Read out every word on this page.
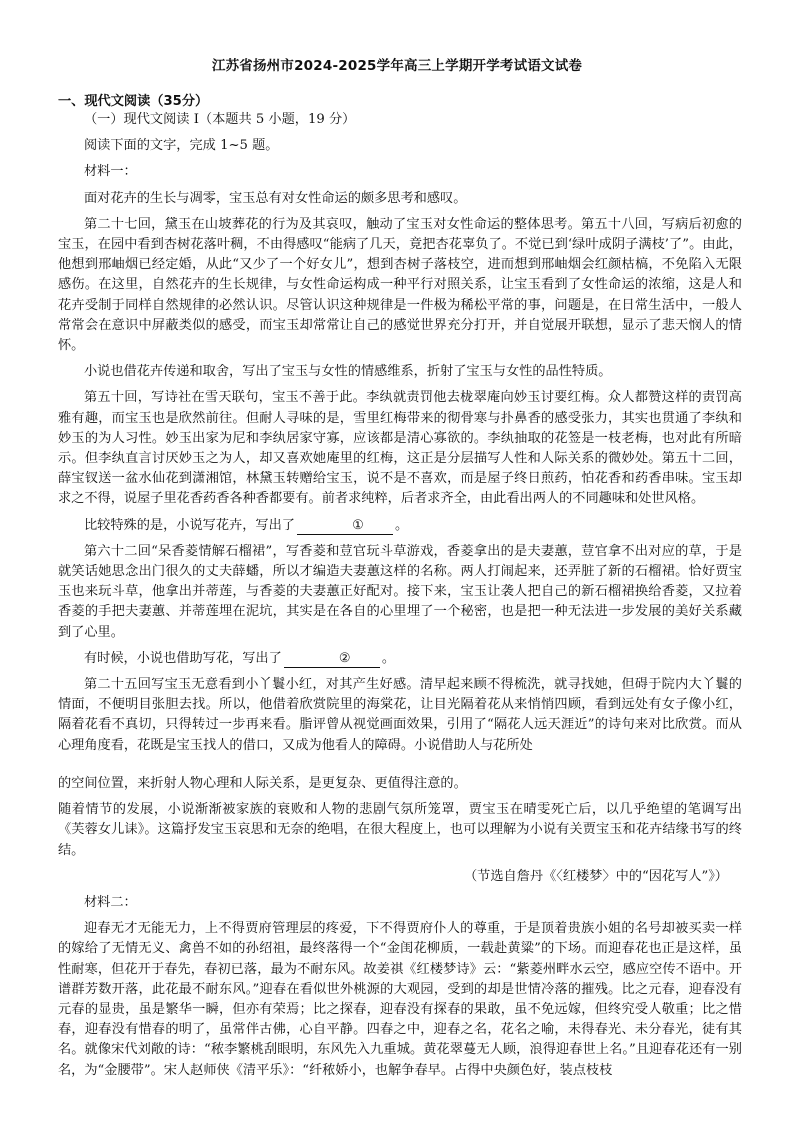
江苏省扬州市2024-2025学年高三上学期开学考试语文试卷
一、现代文阅读（35分）

（一）现代文阅读 I（本题共 5 小题，19 分）

阅读下面的文字，完成 1~5 题。

材料一：

面对花卉的生长与凋零，宝玉总有对女性命运的颇多思考和感叹。

第二十七回，黛玉在山坡葬花的行为及其哀叹，触动了宝玉对女性命运的整体思考。第五十八回，写病后初愈的宝玉，在园中看到杏树花落叶稠，不由得感叹“能病了几天，竟把杏花辜负了。不觉已到‘绿叶成阴子满枝’了”。由此，他想到邢岫烟已经定婚，从此“又少了一个好女儿”，想到杏树子落枝空，进而想到邢岫烟会红颜枯槁，不免陷入无限感伤。在这里，自然花卉的生长规律，与女性命运构成一种平行对照关系，让宝玉看到了女性命运的浓缩，这是人和花卉受制于同样自然规律的必然认识。尽管认识这种规律是一件极为稀松平常的事，问题是，在日常生活中，一般人常常会在意识中屏蔽类似的感受，而宝玉却常常让自己的感觉世界充分打开，并自觉展开联想，显示了悲天悯人的情怀。

小说也借花卉传递和取舍，写出了宝玉与女性的情感维系，折射了宝玉与女性的品性特质。

第五十回，写诗社在雪天联句，宝玉不善于此。李纨就责罚他去栊翠庵向妙玉讨要红梅。众人都赞这样的责罚高雅有趣，而宝玉也是欣然前往。但耐人寻味的是，雪里红梅带来的彻骨寒与扑鼻香的感受张力，其实也贯通了李纨和妙玉的为人习性。妙玉出家为尼和李纨居家守寡，应该都是清心寡欲的。李纨抽取的花签是一枝老梅，也对此有所暗示。但李纨直言讨厌妙玉之为人，却又喜欢她庵里的红梅，这正是分层描写人性和人际关系的微妙处。第五十二回，薛宝钗送一盆水仙花到潇湘馆，林黛玉转赠给宝玉，说不是不喜欢，而是屋子终日煎药，怕花香和药香串味。宝玉却求之不得，说屋子里花香药香各种香都要有。前者求纯粹，后者求齐全，由此看出两人的不同趣味和处世风格。

比较特殊的是，小说写花卉，写出了	① 。

第六十二回“呆香菱情解石榴裙”，写香菱和荳官玩斗草游戏，香菱拿出的是夫妻蕙，荳官拿不出对应的草，于是就笑话她思念出门很久的丈夫薛蟠，所以才编造夫妻蕙这样的名称。两人打闹起来，还弄脏了新的石榴裙。恰好贾宝玉也来玩斗草，他拿出并蒂莲，与香菱的夫妻蕙正好配对。接下来，宝玉让袭人把自己的新石榴裙换给香菱，又拉着香菱的手把夫妻蕙、并蒂莲埋在泥坑，其实是在各自的心里埋了一个秘密，也是把一种无法进一步发展的美好关系藏到了心里。

有时候，小说也借助写花，写出了	② 。

第二十五回写宝玉无意看到小丫鬟小红，对其产生好感。清早起来顾不得梳洗，就寻找她，但碍于院内大丫鬟的情面，不便明目张胆去找。所以，他借着欣赏院里的海棠花，让目光隔着花从来悄悄四顾，看到远处有女子像小红，隔着花看不真切，只得转过一步再来看。脂评曾从视觉画面效果，引用了“隔花人远天涯近”的诗句来对比欣赏。而从心理角度看，花既是宝玉找人的借口，又成为他看人的障碍。小说借助人与花所处

的空间位置，来折射人物心理和人际关系，是更复杂、更值得注意的。

随着情节的发展，小说渐渐被家族的衰败和人物的悲剧气氛所笼罩，贾宝玉在晴雯死亡后，以几乎绝望的笔调写出《芙蓉女儿诔》。这篇抒发宝玉哀思和无奈的绝唱，在很大程度上，也可以理解为小说有关贾宝玉和花卉结缘书写的终结。

（节选自詹丹《〈红楼梦〉中的“因花写人”》）

材料二：

迎春无才无能无力，上不得贾府管理层的疼爱，下不得贾府仆人的尊重，于是顶着贵族小姐的名号却被买卖一样的嫁给了无情无义、禽兽不如的孙绍祖，最终落得一个“金闺花柳质，一载赴黄粱”的下场。而迎春花也正是这样，虽性耐寒，但花开于春先，春初已落，最为不耐东风。故姜祺《红楼梦诗》云：“紫菱州畔水云空，感应空传不语中。开谱群芳数开落，此花最不耐东风。”迎春在看似世外桃源的大观园，受到的却是世情冷落的摧残。比之元春，迎春没有元春的显贵，虽是繁华一瞬，但亦有荣焉；比之探春，迎春没有探春的果敢，虽不免远嫁，但终究受人敬重；比之惜春，迎春没有惜春的明了，虽常伴古佛，心自平静。四春之中，迎春之名，花名之喻，未得春光、未分春光，徒有其名。就像宋代刘敞的诗：“秾李繁桃刮眼明，东风先入九重城。黄花翠蔓无人顾，浪得迎春世上名。”且迎春花还有一别名，为“金腰带”。宋人赵师侠《清平乐》：“纤秾娇小，也解争春早。占得中央颜色好，装点枝枝
